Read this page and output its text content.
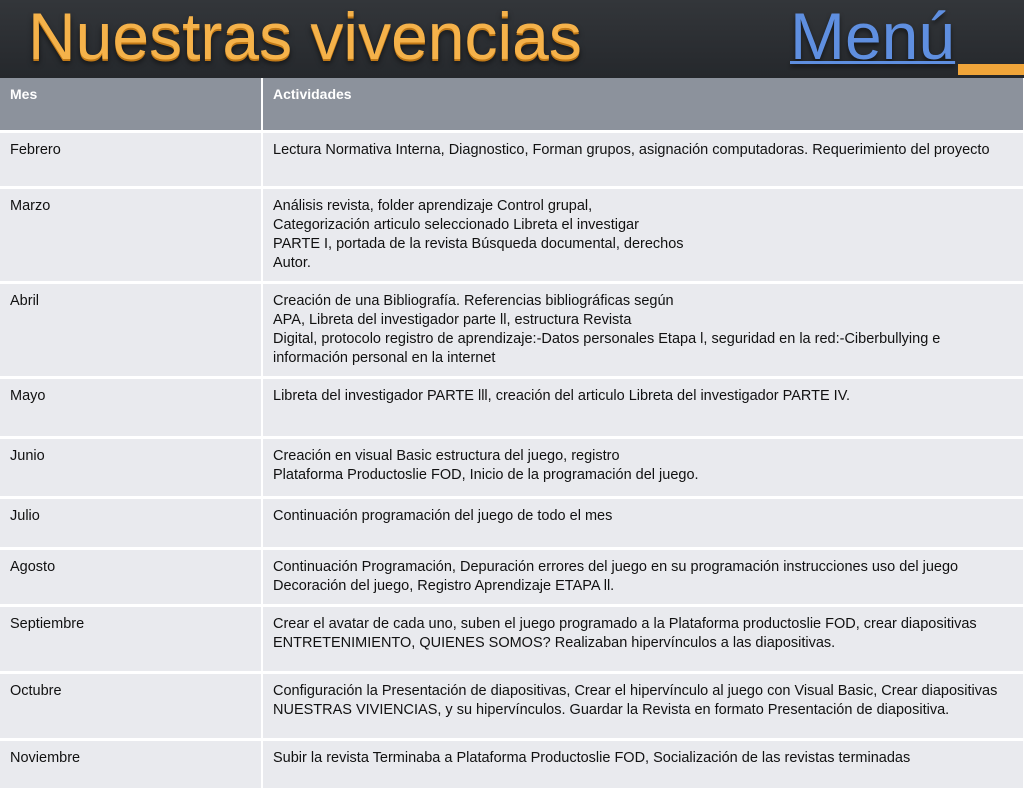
Nuestras vivencias	Menú
Mes	Actividades
Febrero	Lectura Normativa Interna, Diagnostico, Forman grupos, asignación computadoras. Requerimiento del proyecto

Marzo	Análisis revista, folder aprendizaje Control grupal,
Categorización articulo seleccionado Libreta el investigar
PARTE I, portada de la revista Búsqueda documental, derechos
Autor.

Abril	Creación de una Bibliografía. Referencias bibliográficas según
APA, Libreta del investigador parte ll, estructura Revista
Digital, protocolo registro de aprendizaje:-Datos personales Etapa l, seguridad en la red:-Ciberbullying e información personal en la internet

Mayo	Libreta del investigador PARTE lll, creación del articulo Libreta del investigador PARTE IV.

Junio	Creación en visual Basic estructura del juego, registro
Plataforma Productoslie FOD, Inicio de la programación del juego.

Julio	Continuación programación del juego de todo el mes

Agosto	Continuación Programación, Depuración errores del juego en su programación instrucciones uso del juego
Decoración del juego, Registro Aprendizaje ETAPA ll.

Septiembre	Crear el avatar de cada uno, suben el juego programado a la Plataforma productoslie FOD, crear diapositivas
ENTRETENIMIENTO, QUIENES SOMOS? Realizaban hipervínculos a las diapositivas.

Octubre	Configuración la Presentación de diapositivas, Crear el hipervínculo al juego con Visual Basic, Crear diapositivas NUESTRAS VIVIENCIAS, y su hipervínculos. Guardar la Revista en formato Presentación de diapositiva.

Noviembre	Subir la revista Terminaba a Plataforma Productoslie FOD, Socialización de las revistas terminadas
